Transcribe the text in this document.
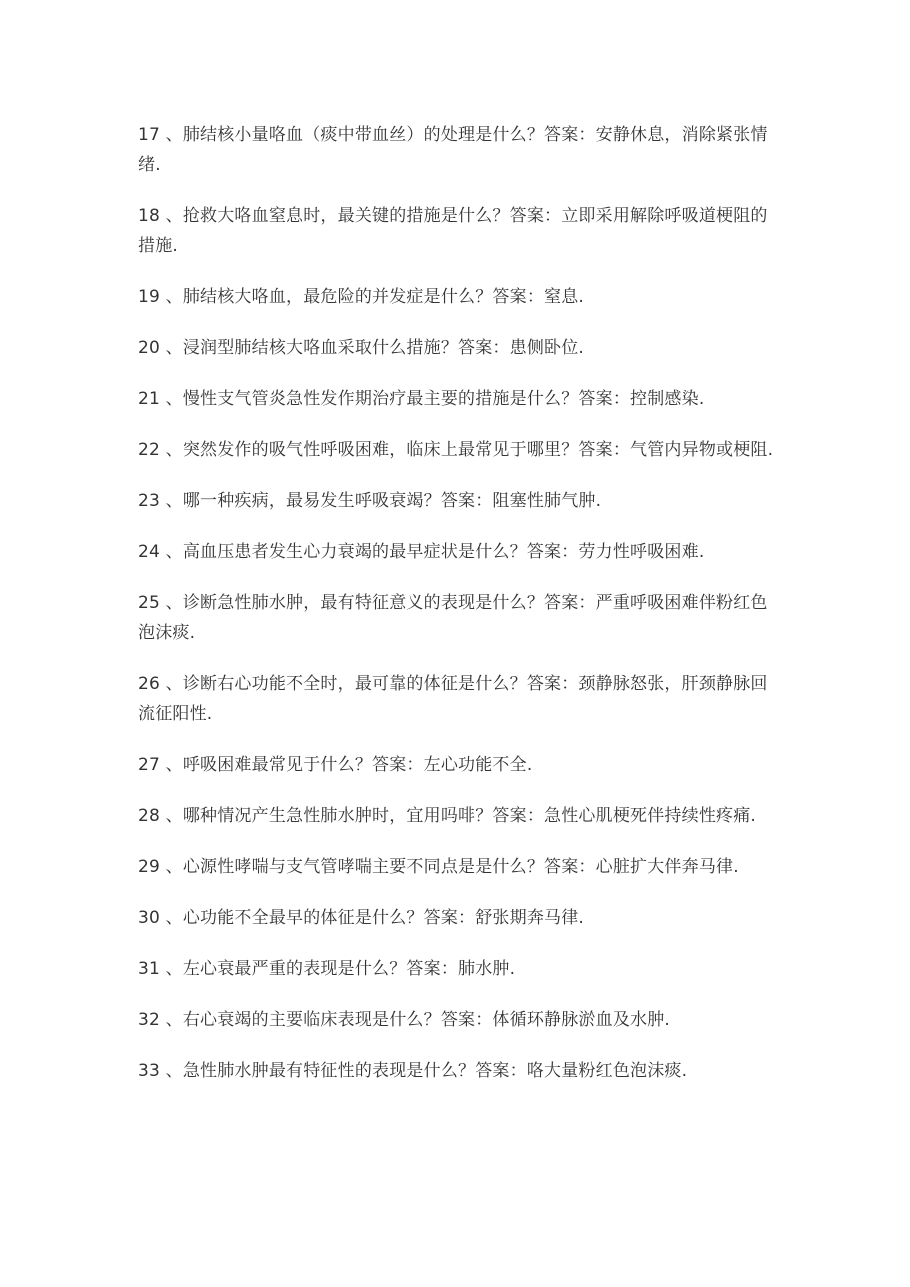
17 、肺结核小量咯血（痰中带血丝）的处理是什么？答案：安静休息，消除紧张情绪.
18 、抢救大咯血窒息时，最关键的措施是什么？答案：立即采用解除呼吸道梗阻的措施.
19 、肺结核大咯血，最危险的并发症是什么？答案：窒息.
20 、浸润型肺结核大咯血采取什么措施？答案：患侧卧位.
21 、慢性支气管炎急性发作期治疗最主要的措施是什么？答案：控制感染.
22 、突然发作的吸气性呼吸困难，临床上最常见于哪里？答案：气管内异物或梗阻.
23 、哪一种疾病，最易发生呼吸衰竭？答案：阻塞性肺气肿.
24 、高血压患者发生心力衰竭的最早症状是什么？答案：劳力性呼吸困难.
25 、诊断急性肺水肿，最有特征意义的表现是什么？答案：严重呼吸困难伴粉红色泡沫痰.
26 、诊断右心功能不全时，最可靠的体征是什么？答案：颈静脉怒张，肝颈静脉回流征阳性.
27 、呼吸困难最常见于什么？答案：左心功能不全.
28 、哪种情况产生急性肺水肿时，宜用吗啡？答案：急性心肌梗死伴持续性疼痛.
29 、心源性哮喘与支气管哮喘主要不同点是是什么？答案：心脏扩大伴奔马律.
30 、心功能不全最早的体征是什么？答案：舒张期奔马律.
31 、左心衰最严重的表现是什么？答案：肺水肿.
32 、右心衰竭的主要临床表现是什么？答案：体循环静脉淤血及水肿.
33 、急性肺水肿最有特征性的表现是什么？答案：咯大量粉红色泡沫痰.
